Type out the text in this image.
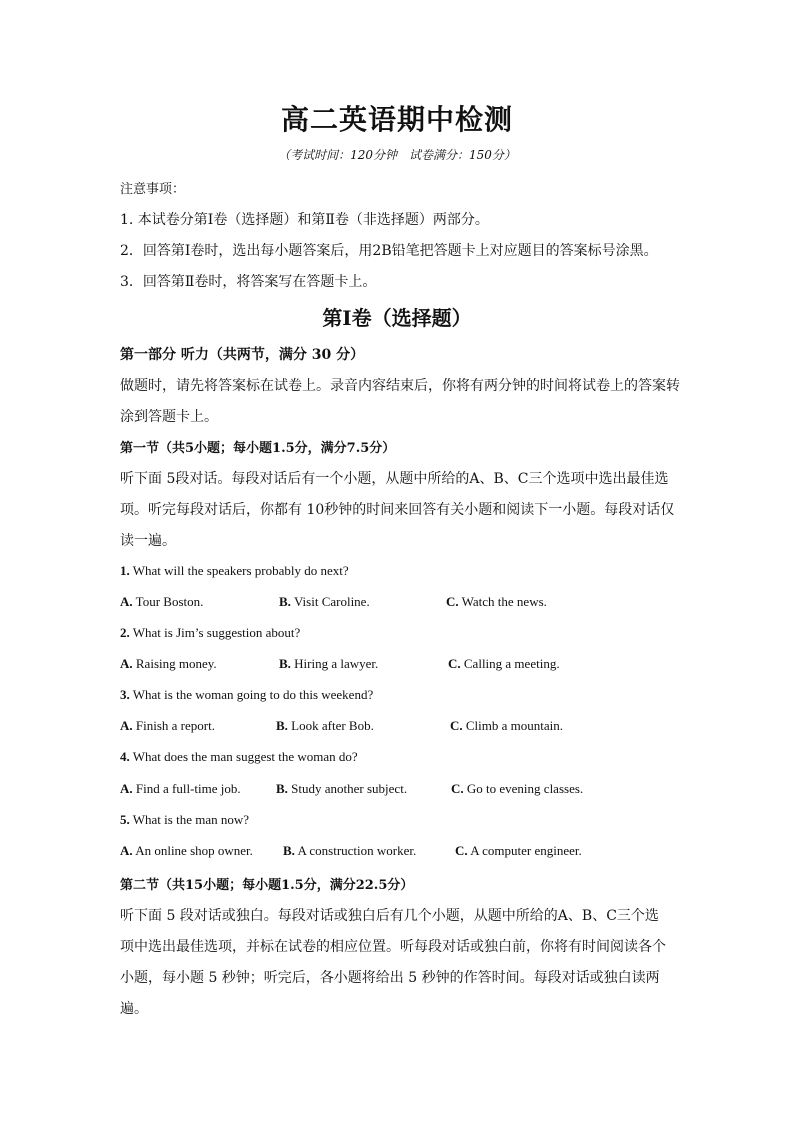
高二英语期中检测
（考试时间：120分钟　试卷满分：150分）
注意事项：
1. 本试卷分第Ⅰ卷（选择题）和第Ⅱ卷（非选择题）两部分。
2．回答第Ⅰ卷时，选出每小题答案后，用2B铅笔把答题卡上对应题目的答案标号涂黑。
3．回答第Ⅱ卷时，将答案写在答题卡上。
第Ⅰ卷（选择题）
第一部分 听力（共两节，满分 30 分）
做题时，请先将答案标在试卷上。录音内容结束后，你将有两分钟的时间将试卷上的答案转
涂到答题卡上。
第一节（共5小题；每小题1.5分，满分7.5分）
听下面 5段对话。每段对话后有一个小题，从题中所给的A、B、C三个选项中选出最佳选
项。听完每段对话后，你都有 10秒钟的时间来回答有关小题和阅读下一小题。每段对话仅
读一遍。
1. What will the speakers probably do next?
A. Tour Boston.	B. Visit Caroline.	C. Watch the news.
2. What is Jim’s suggestion about?
A. Raising money.	B. Hiring a lawyer.	C. Calling a meeting.
3. What is the woman going to do this weekend?
A. Finish a report.	B. Look after Bob.	C. Climb a mountain.
4. What does the man suggest the woman do?
A. Find a full-time job.	B. Study another subject.	C. Go to evening classes.
5. What is the man now?
A. An online shop owner. B. A construction worker.	C. A computer engineer.
第二节（共15小题；每小题1.5分，满分22.5分）
听下面 5 段对话或独白。每段对话或独白后有几个小题，从题中所给的A、B、C三个选
项中选出最佳选项，并标在试卷的相应位置。听每段对话或独白前，你将有时间阅读各个
小题，每小题 5 秒钟；听完后，各小题将给出 5 秒钟的作答时间。每段对话或独白读两
遍。
